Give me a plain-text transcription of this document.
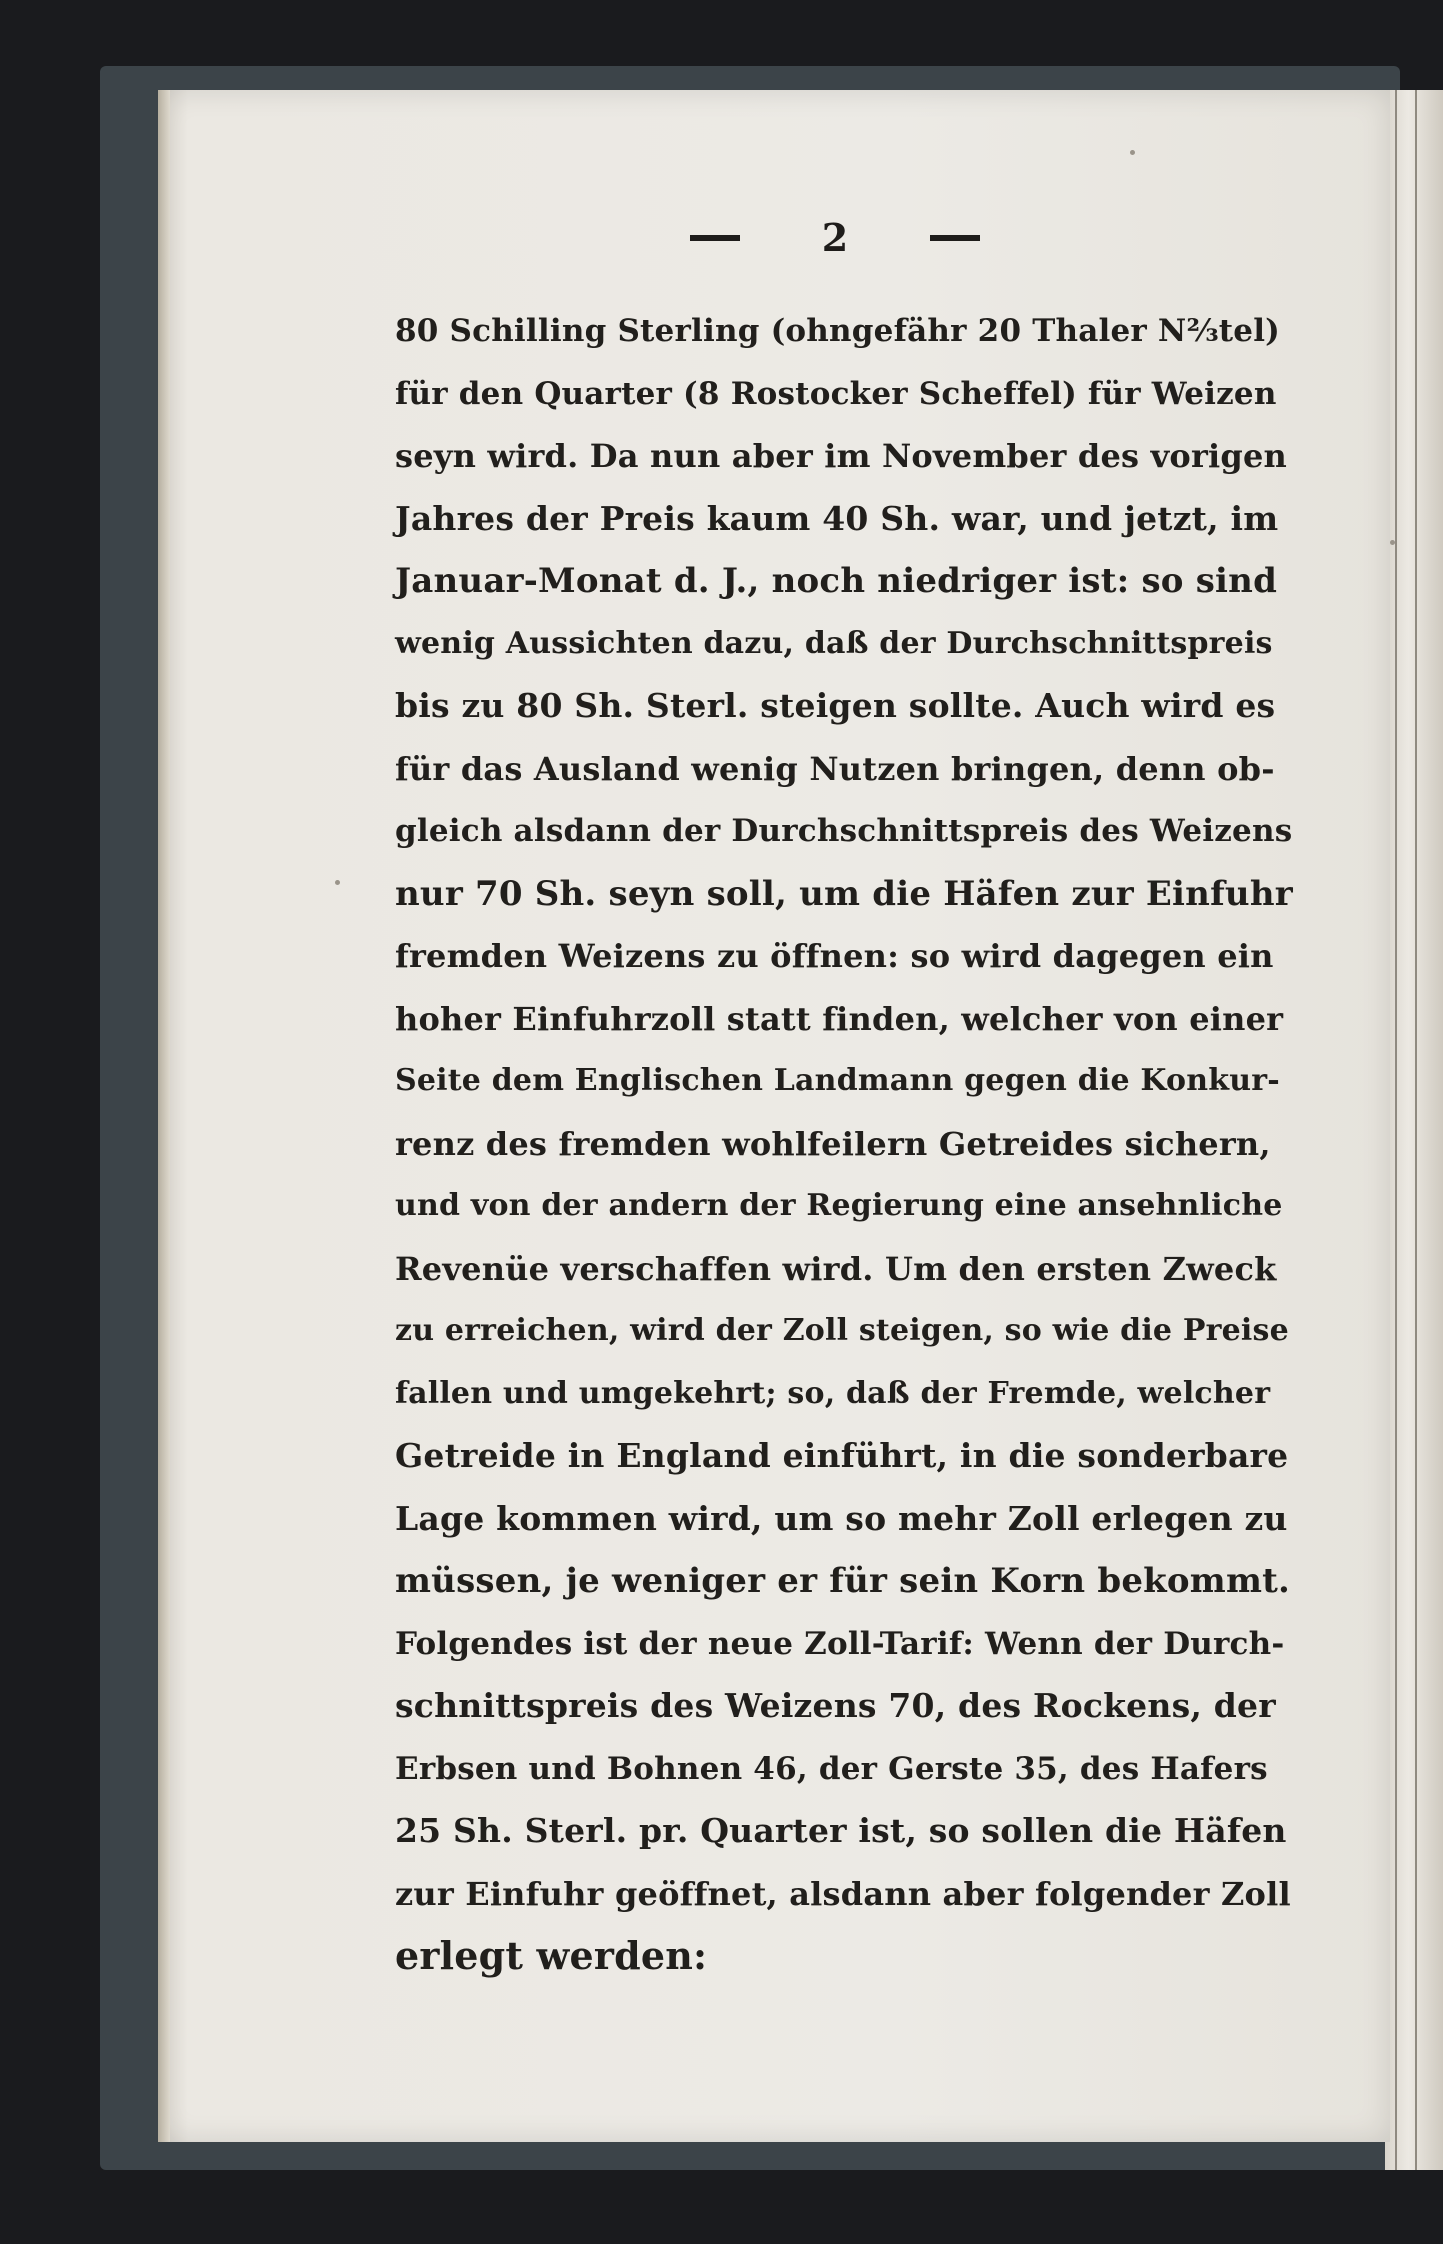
2
80 Schilling Sterling (ohngefähr 20 Thaler N⅔tel)
für den Quarter (8 Rostocker Scheffel) für Weizen
seyn wird. Da nun aber im November des vorigen
Jahres der Preis kaum 40 Sh. war, und jetzt, im
Januar-Monat d. J., noch niedriger ist: so sind
wenig Aussichten dazu, daß der Durchschnittspreis
bis zu 80 Sh. Sterl. steigen sollte. Auch wird es
für das Ausland wenig Nutzen bringen, denn ob-
gleich alsdann der Durchschnittspreis des Weizens
nur 70 Sh. seyn soll, um die Häfen zur Einfuhr
fremden Weizens zu öffnen: so wird dagegen ein
hoher Einfuhrzoll statt finden, welcher von einer
Seite dem Englischen Landmann gegen die Konkur-
renz des fremden wohlfeilern Getreides sichern,
und von der andern der Regierung eine ansehnliche
Revenüe verschaffen wird. Um den ersten Zweck
zu erreichen, wird der Zoll steigen, so wie die Preise
fallen und umgekehrt; so, daß der Fremde, welcher
Getreide in England einführt, in die sonderbare
Lage kommen wird, um so mehr Zoll erlegen zu
müssen, je weniger er für sein Korn bekommt.
Folgendes ist der neue Zoll-Tarif: Wenn der Durch-
schnittspreis des Weizens 70, des Rockens, der
Erbsen und Bohnen 46, der Gerste 35, des Hafers
25 Sh. Sterl. pr. Quarter ist, so sollen die Häfen
zur Einfuhr geöffnet, alsdann aber folgender Zoll
erlegt werden:
